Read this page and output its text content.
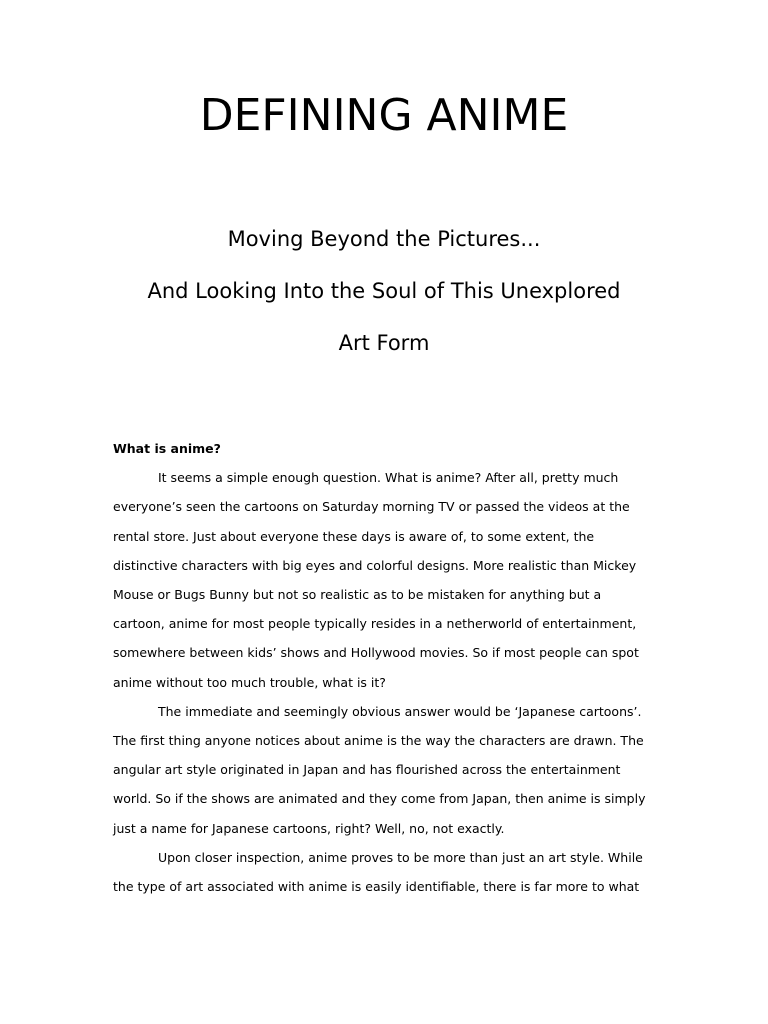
DEFINING ANIME

Moving Beyond the Pictures...

And Looking Into the Soul of This Unexplored

Art Form

What is anime?

It seems a simple enough question. What is anime? After all, pretty much everyone’s seen the cartoons on Saturday morning TV or passed the videos at the rental store. Just about everyone these days is aware of, to some extent, the distinctive characters with big eyes and colorful designs. More realistic than Mickey Mouse or Bugs Bunny but not so realistic as to be mistaken for anything but a cartoon, anime for most people typically resides in a netherworld of entertainment, somewhere between kids’ shows and Hollywood movies. So if most people can spot anime without too much trouble, what is it?

The immediate and seemingly obvious answer would be ‘Japanese cartoons’. The first thing anyone notices about anime is the way the characters are drawn. The angular art style originated in Japan and has flourished across the entertainment world. So if the shows are animated and they come from Japan, then anime is simply just a name for Japanese cartoons, right? Well, no, not exactly.

Upon closer inspection, anime proves to be more than just an art style. While the type of art associated with anime is easily identifiable, there is far more to what
